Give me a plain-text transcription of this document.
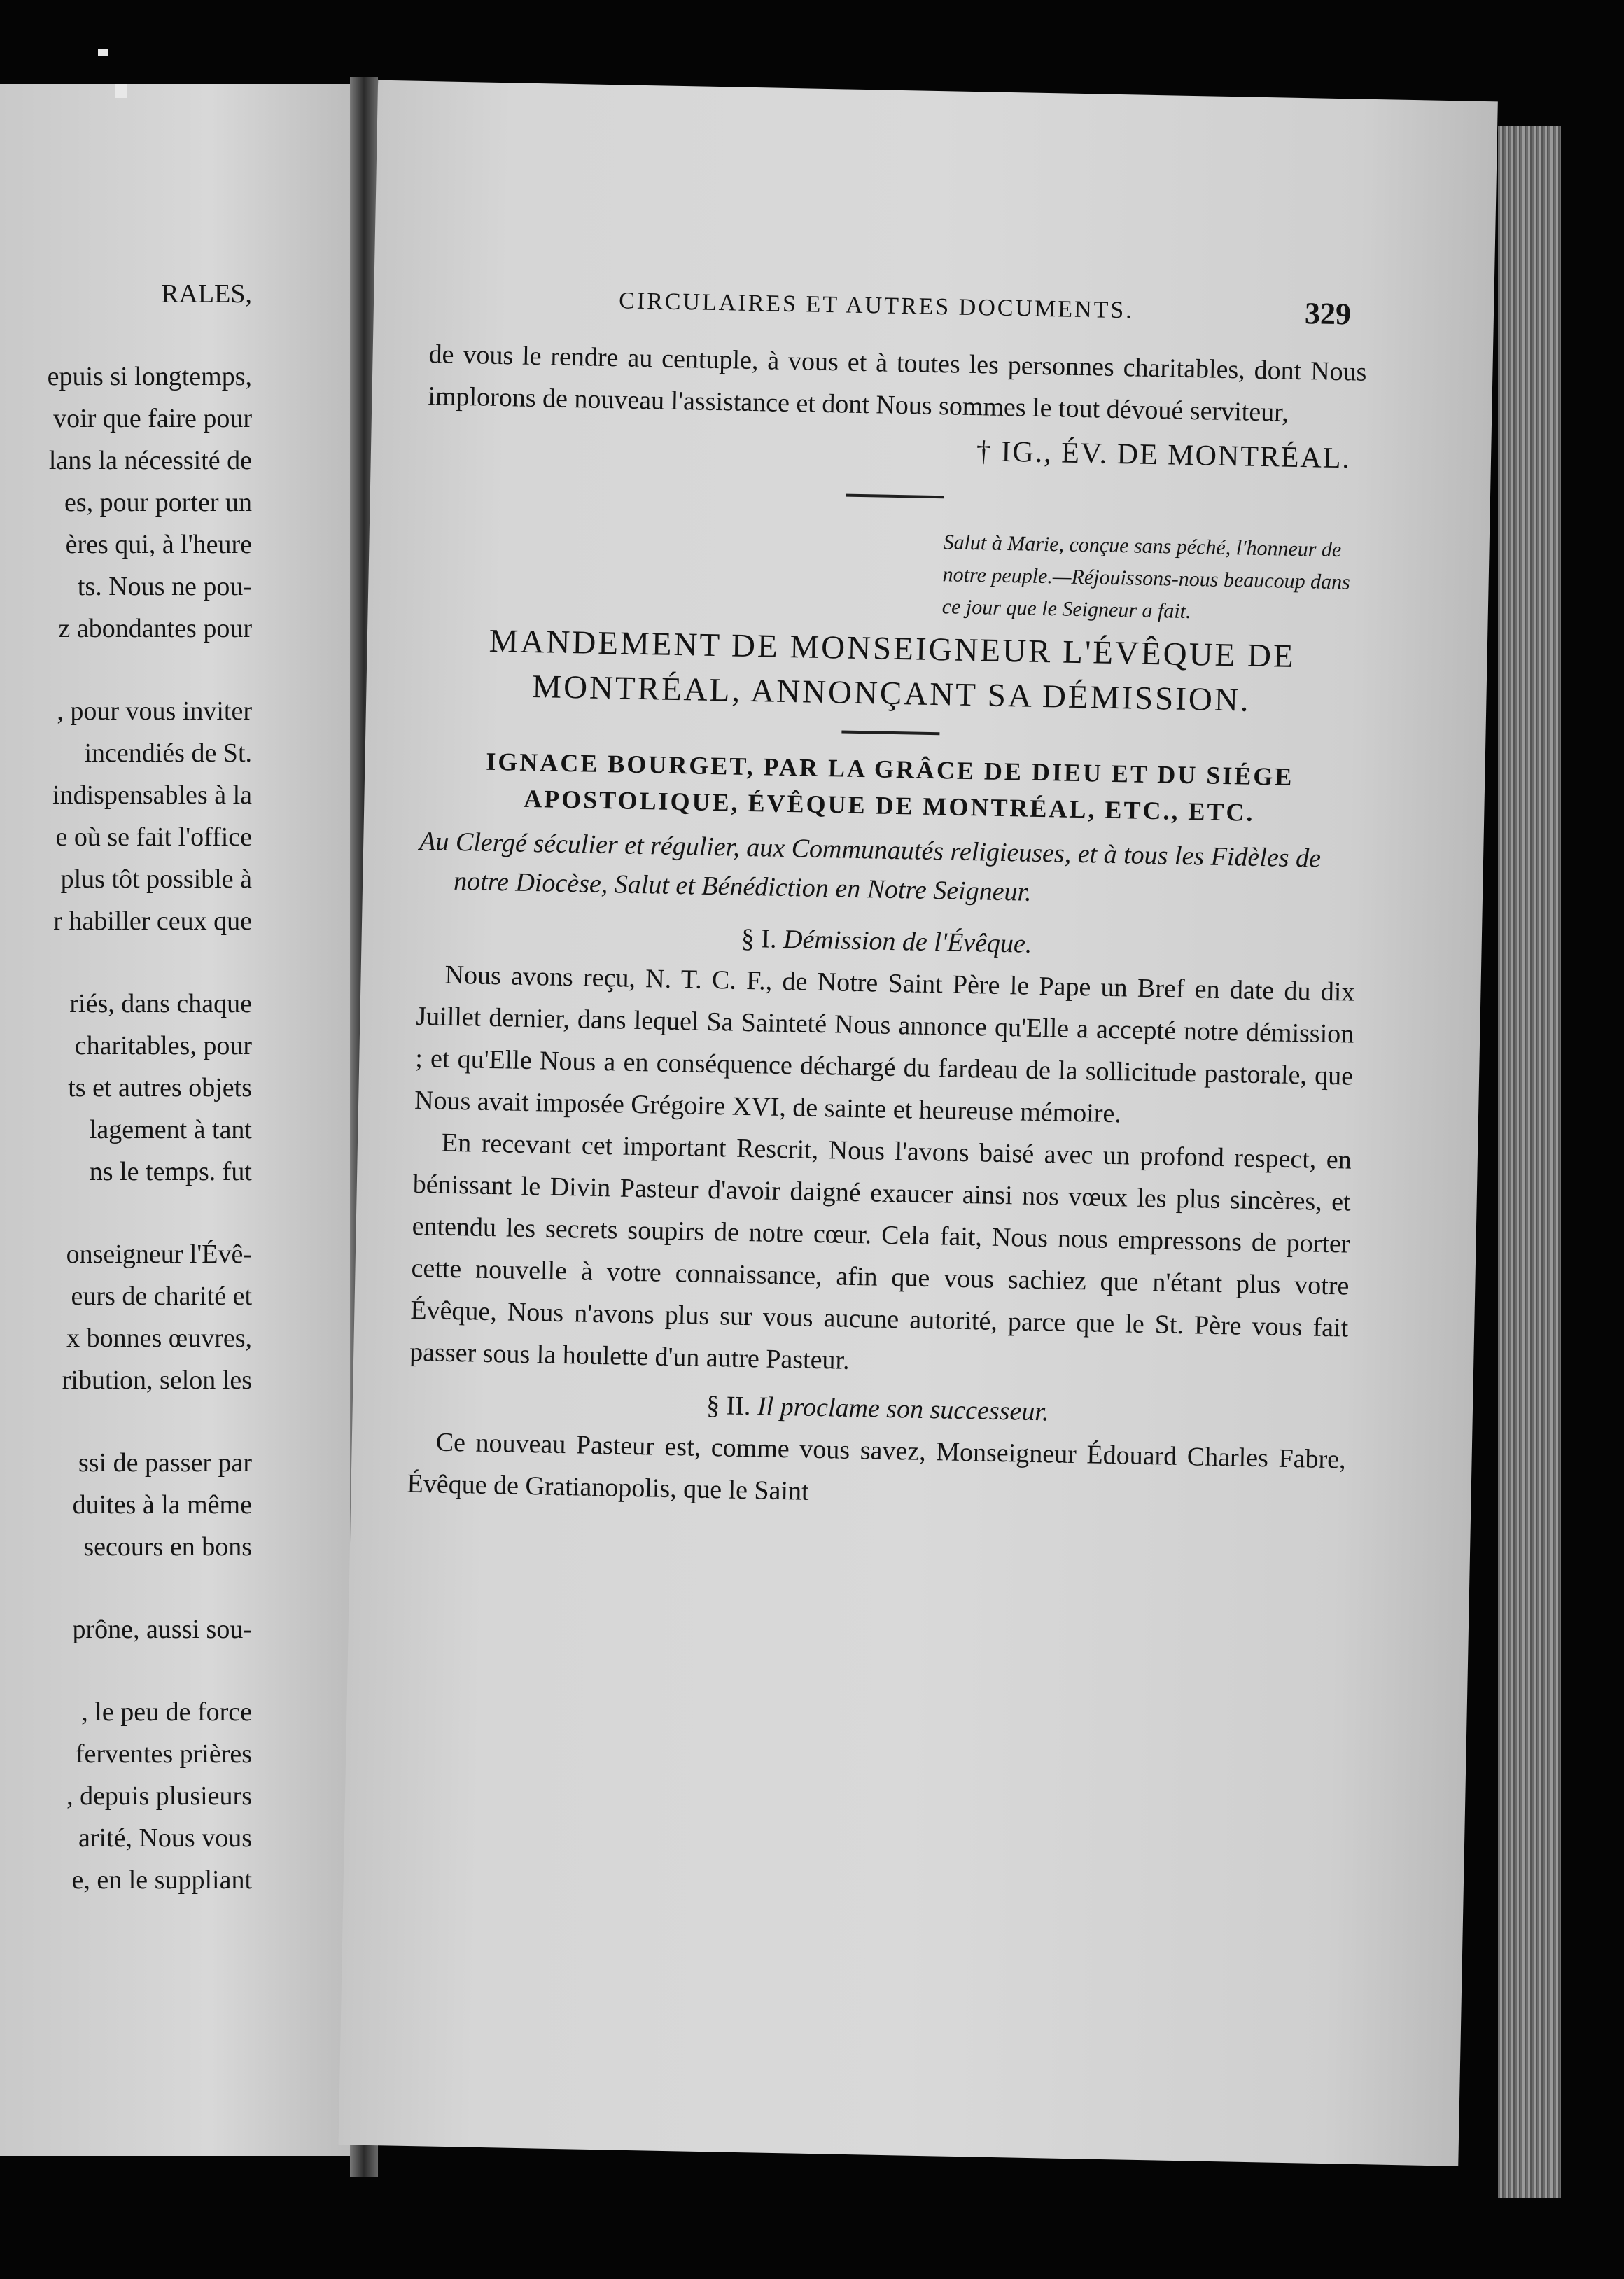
RALES,
epuis si longtemps,
voir que faire pour
lans la nécessité de
es, pour porter un
ères qui, à l'heure
ts. Nous ne pou-
z abondantes pour
, pour vous inviter
incendiés de St.
indispensables à la
e où se fait l'office
plus tôt possible à
r habiller ceux que
riés, dans chaque
charitables, pour
ts et autres objets
lagement à tant
ns le temps. fut
onseigneur l'Évê-
eurs de charité et
x bonnes œuvres,
ribution, selon les
ssi de passer par
duites à la même
secours en bons
prône, aussi sou-
, le peu de force
ferventes prières
, depuis plusieurs
arité, Nous vous
e, en le suppliant
CIRCULAIRES ET AUTRES DOCUMENTS.	329

de vous le rendre au centuple, à vous et à toutes les personnes charitables, dont Nous implorons de nouveau l'assistance et dont Nous sommes le tout dévoué serviteur,

† IG., ÉV. DE MONTRÉAL.
Salut à Marie, conçue sans péché, l'honneur de notre peuple.—Réjouissons-nous beaucoup dans ce jour que le Seigneur a fait.
MANDEMENT DE MONSEIGNEUR L'ÉVÊQUE DE MONTRÉAL, ANNONÇANT SA DÉMISSION.
IGNACE BOURGET, PAR LA GRÂCE DE DIEU ET DU SIÉGE APOSTOLIQUE, ÉVÊQUE DE MONTRÉAL, ETC., ETC.
Au Clergé séculier et régulier, aux Communautés religieuses, et à tous les Fidèles de notre Diocèse, Salut et Bénédiction en Notre Seigneur.
§ I. Démission de l'Évêque.

Nous avons reçu, N. T. C. F., de Notre Saint Père le Pape un Bref en date du dix Juillet dernier, dans lequel Sa Sainteté Nous annonce qu'Elle a accepté notre démission ; et qu'Elle Nous a en conséquence déchargé du fardeau de la sollicitude pastorale, que Nous avait imposée Grégoire XVI, de sainte et heureuse mémoire.

En recevant cet important Rescrit, Nous l'avons baisé avec un profond respect, en bénissant le Divin Pasteur d'avoir daigné exaucer ainsi nos vœux les plus sincères, et entendu les secrets soupirs de notre cœur. Cela fait, Nous nous empressons de porter cette nouvelle à votre connaissance, afin que vous sachiez que n'étant plus votre Évêque, Nous n'avons plus sur vous aucune autorité, parce que le St. Père vous fait passer sous la houlette d'un autre Pasteur.

§ II. Il proclame son successeur.

Ce nouveau Pasteur est, comme vous savez, Monseigneur Édouard Charles Fabre, Évêque de Gratianopolis, que le Saint
